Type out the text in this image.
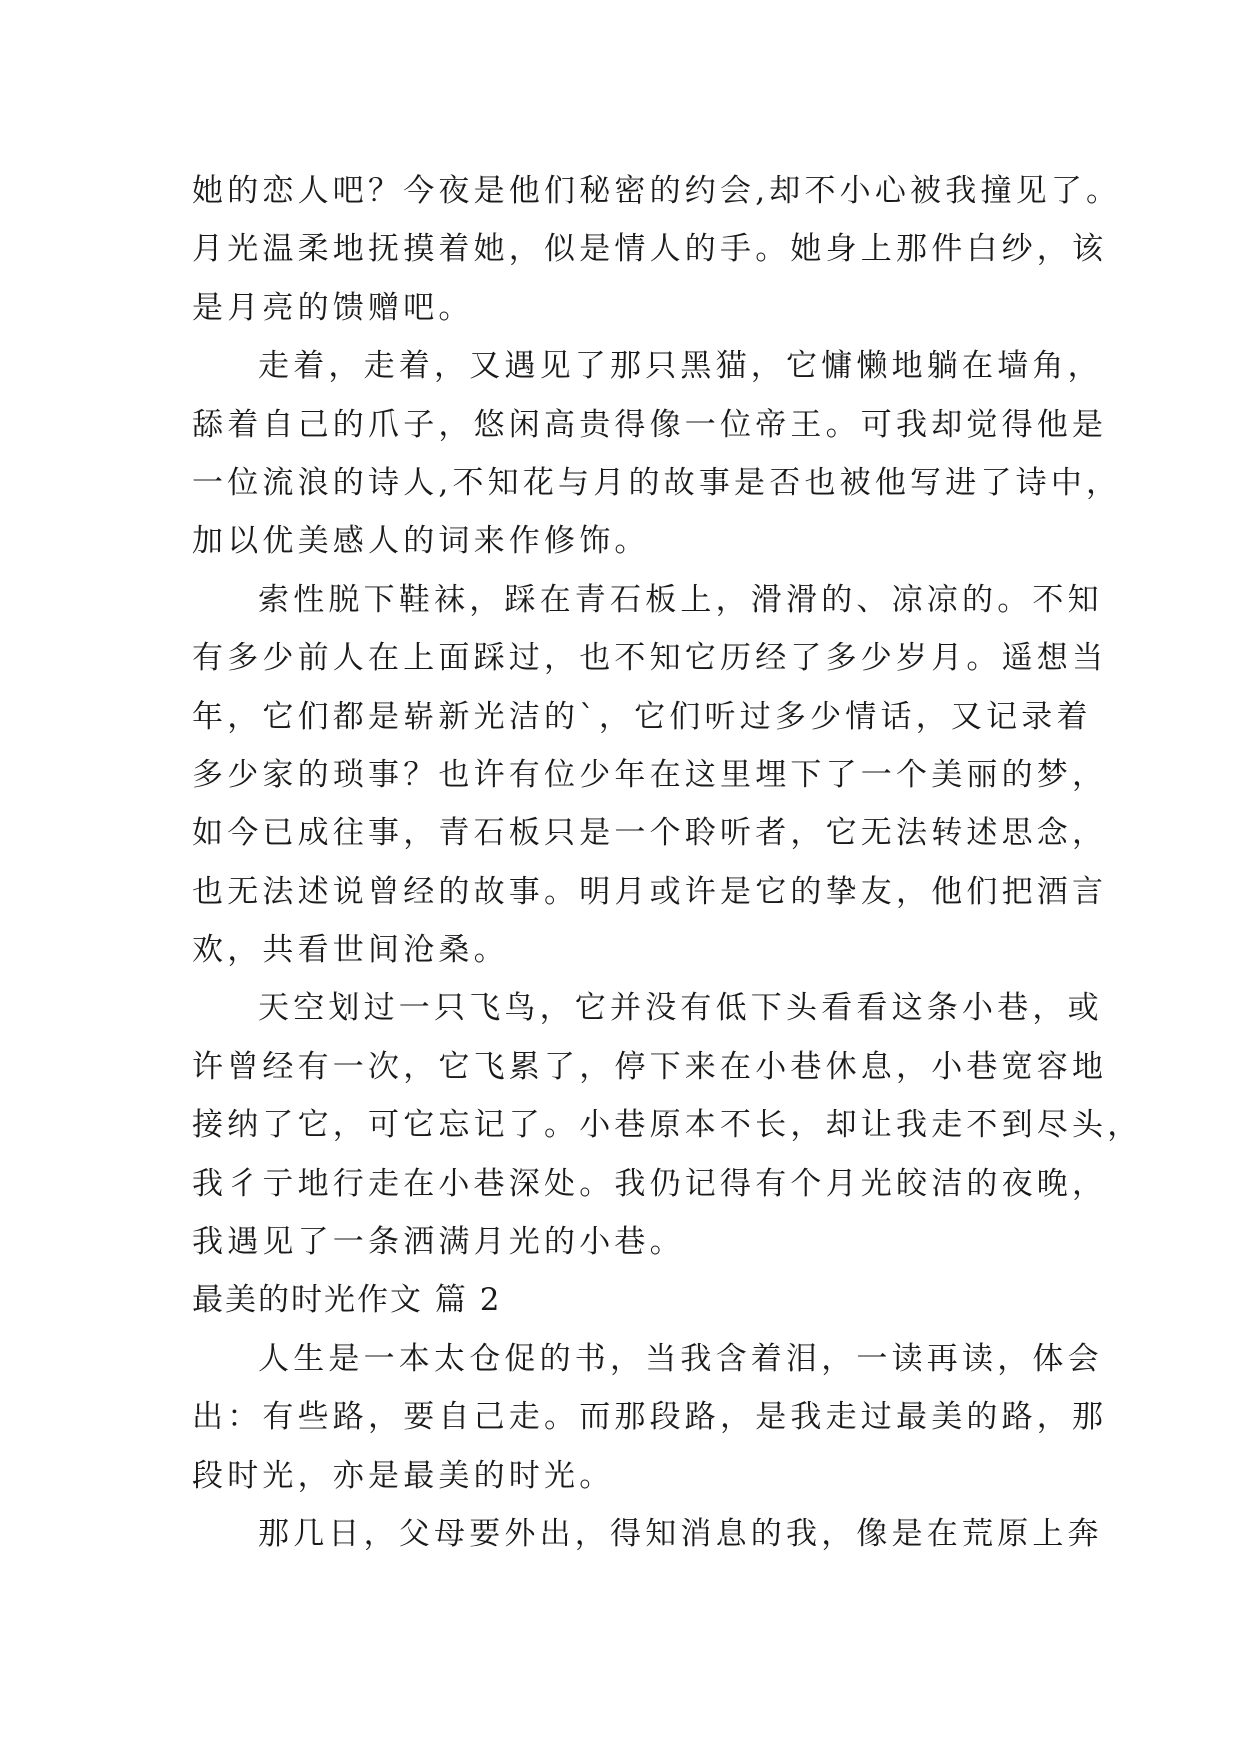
她的恋人吧？今夜是他们秘密的约会,却不小心被我撞见了。
月光温柔地抚摸着她，似是情人的手。她身上那件白纱，该
是月亮的馈赠吧。
走着，走着，又遇见了那只黑猫，它慵懒地躺在墙角，
舔着自己的爪子，悠闲高贵得像一位帝王。可我却觉得他是
一位流浪的诗人,不知花与月的故事是否也被他写进了诗中，
加以优美感人的词来作修饰。
索性脱下鞋袜，踩在青石板上，滑滑的、凉凉的。不知
有多少前人在上面踩过，也不知它历经了多少岁月。遥想当
年，它们都是崭新光洁的`，它们听过多少情话，又记录着
多少家的琐事？也许有位少年在这里埋下了一个美丽的梦，
如今已成往事，青石板只是一个聆听者，它无法转述思念，
也无法述说曾经的故事。明月或许是它的挚友，他们把酒言
欢，共看世间沧桑。
天空划过一只飞鸟，它并没有低下头看看这条小巷，或
许曾经有一次，它飞累了，停下来在小巷休息，小巷宽容地
接纳了它，可它忘记了。小巷原本不长，却让我走不到尽头，
我彳亍地行走在小巷深处。我仍记得有个月光皎洁的夜晚，
我遇见了一条洒满月光的小巷。
最美的时光作文 篇 2
人生是一本太仓促的书，当我含着泪，一读再读，体会
出：有些路，要自己走。而那段路，是我走过最美的路，那
段时光，亦是最美的时光。
那几日，父母要外出，得知消息的我，像是在荒原上奔
